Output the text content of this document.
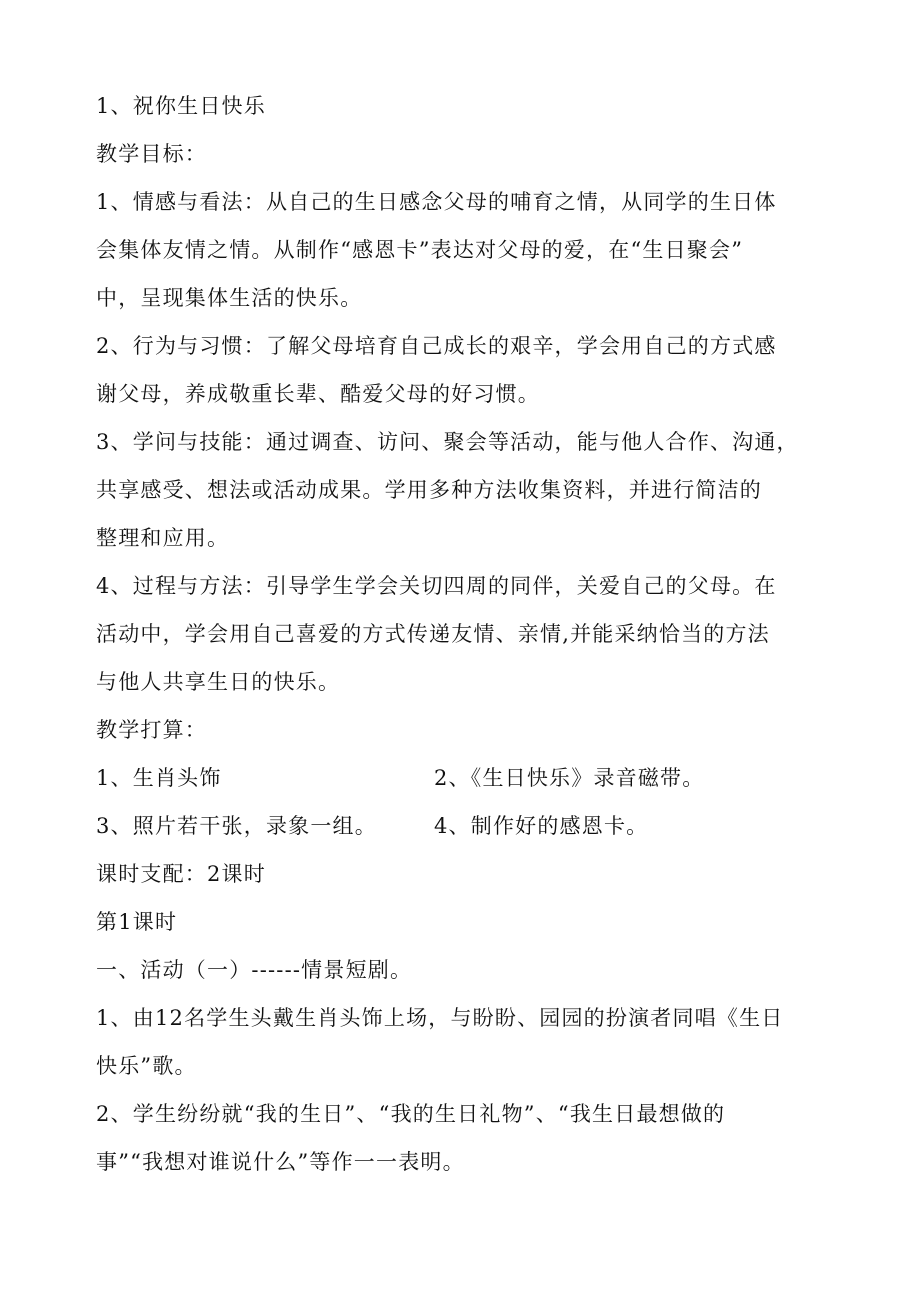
1、祝你生日快乐
教学目标：
1、情感与看法：从自己的生日感念父母的哺育之情，从同学的生日体
会集体友情之情。从制作“感恩卡”表达对父母的爱，在“生日聚会”
中，呈现集体生活的快乐。
2、行为与习惯：了解父母培育自己成长的艰辛，学会用自己的方式感
谢父母，养成敬重长辈、酷爱父母的好习惯。
3、学问与技能：通过调查、访问、聚会等活动，能与他人合作、沟通，
共享感受、想法或活动成果。学用多种方法收集资料，并进行简洁的
整理和应用。
4、过程与方法：引导学生学会关切四周的同伴，关爱自己的父母。在
活动中，学会用自己喜爱的方式传递友情、亲情,并能采纳恰当的方法
与他人共享生日的快乐。
教学打算：
1、生肖头饰	2、《生日快乐》录音磁带。
3、照片若干张，录象一组。	4、制作好的感恩卡。
课时支配：2课时
第1课时
一、活动（一）------情景短剧。
1、由12名学生头戴生肖头饰上场，与盼盼、园园的扮演者同唱《生日
快乐”歌。
2、学生纷纷就“我的生日”、“我的生日礼物”、“我生日最想做的
事”“我想对谁说什么”等作一一表明。
